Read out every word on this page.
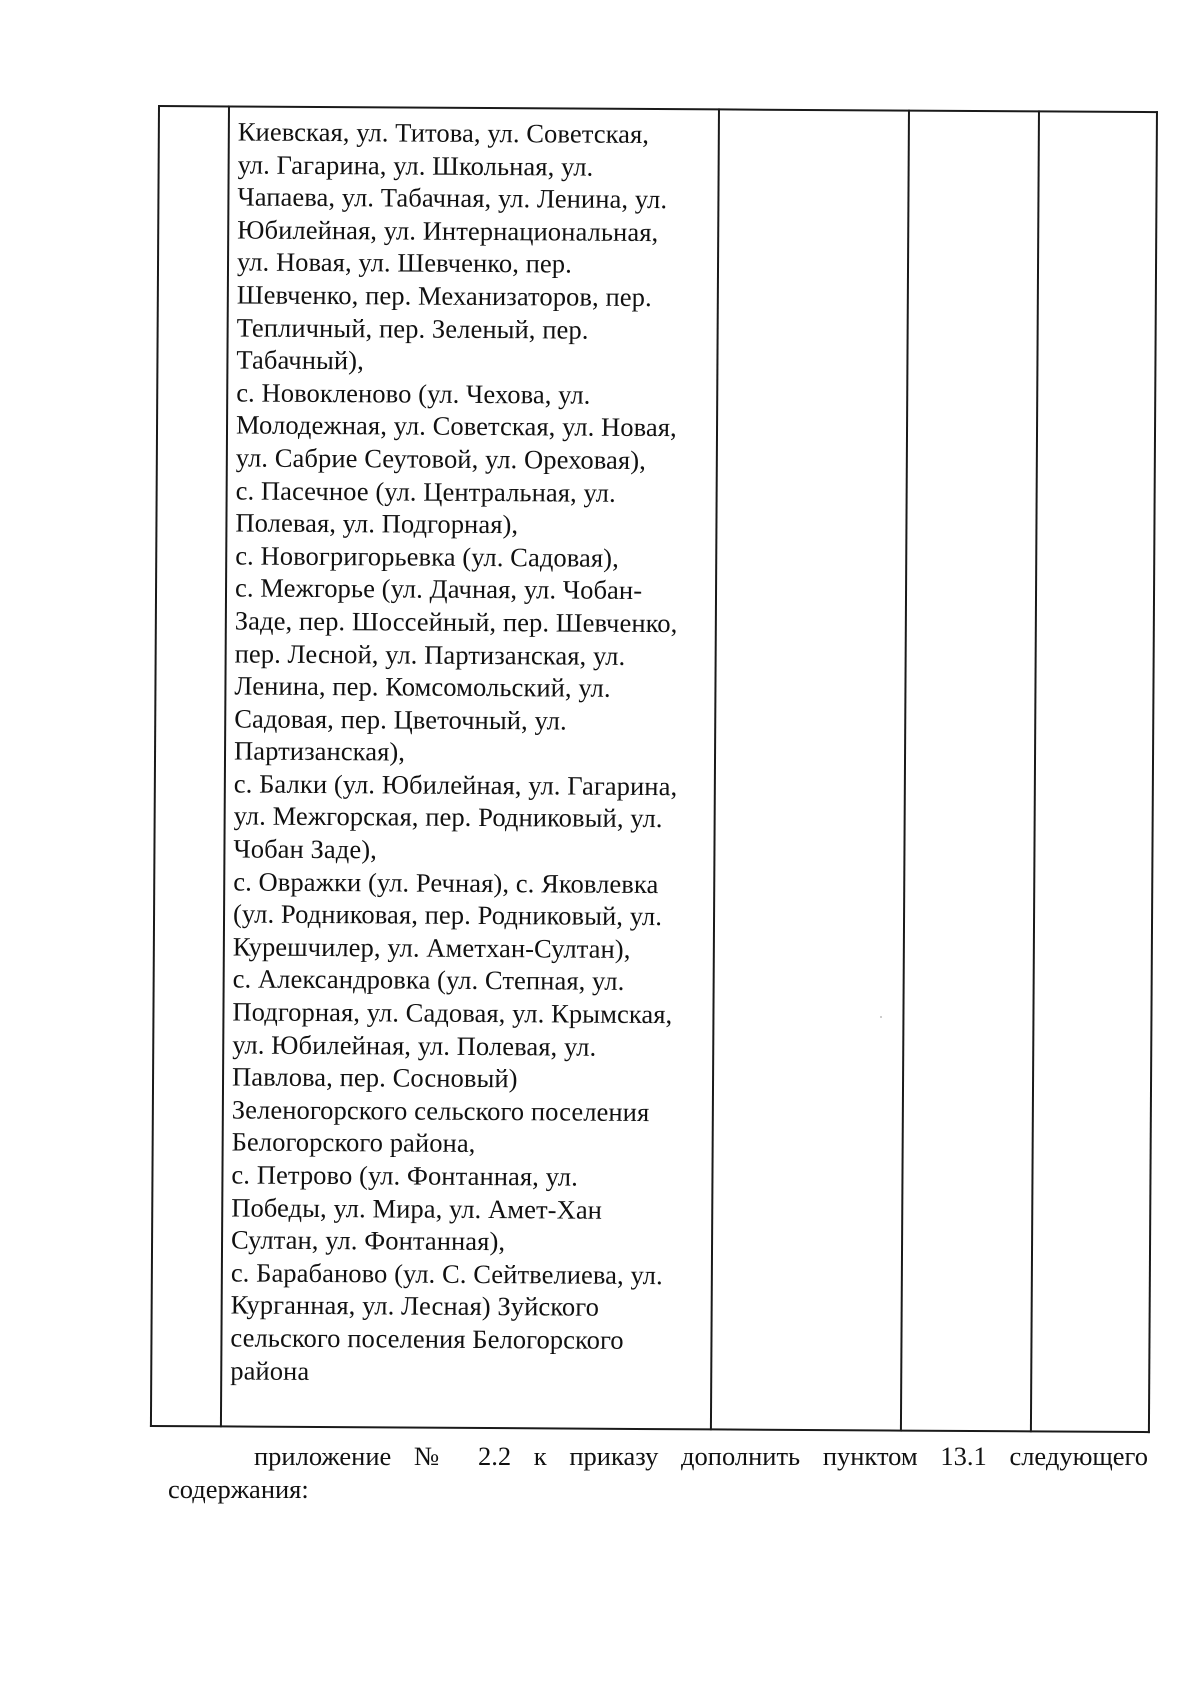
Киевская, ул. Титова, ул. Советская,
ул. Гагарина, ул. Школьная, ул.
Чапаева, ул. Табачная, ул. Ленина, ул.
Юбилейная, ул. Интернациональная,
ул. Новая, ул. Шевченко, пер.
Шевченко, пер. Механизаторов, пер.
Тепличный, пер. Зеленый, пер.
Табачный),
с. Новокленово (ул. Чехова, ул.
Молодежная, ул. Советская, ул. Новая,
ул. Сабрие Сеутовой, ул. Ореховая),
с. Пасечное (ул. Центральная, ул.
Полевая, ул. Подгорная),
с. Новогригорьевка (ул. Садовая),
с. Межгорье (ул. Дачная, ул. Чобан-
Заде, пер. Шоссейный, пер. Шевченко,
пер. Лесной, ул. Партизанская, ул.
Ленина, пер. Комсомольский, ул.
Садовая, пер. Цветочный, ул.
Партизанская),
с. Балки (ул. Юбилейная, ул. Гагарина,
ул. Межгорская, пер. Родниковый, ул.
Чобан Заде),
с. Овражки (ул. Речная), с. Яковлевка
(ул. Родниковая, пер. Родниковый, ул.
Курешчилер, ул. Аметхан-Султан),
с. Александровка (ул. Степная, ул.
Подгорная, ул. Садовая, ул. Крымская,
ул. Юбилейная, ул. Полевая, ул.
Павлова, пер. Сосновый)
Зеленогорского сельского поселения
Белогорского района,
с. Петрово (ул. Фонтанная, ул.
Победы, ул. Мира, ул. Амет-Хан
Султан, ул. Фонтанная),
с. Барабаново (ул. С. Сейтвелиева, ул.
Курганная, ул. Лесная) Зуйского
сельского поселения Белогорского
района

приложение № 2.2 к приказу дополнить пунктом 13.1 следующего
содержания:
